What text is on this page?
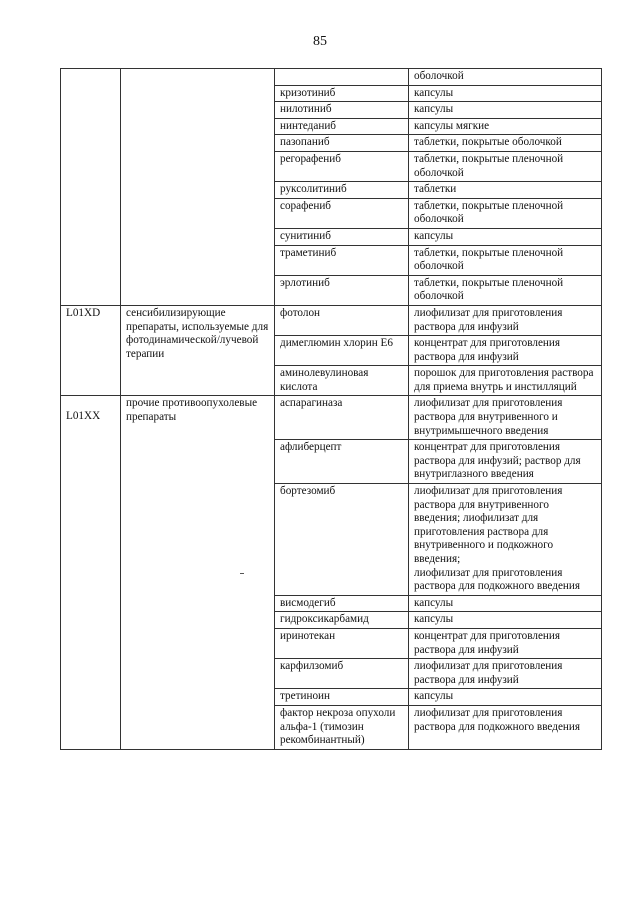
85
			оболочкой
		кризотиниб	капсулы
		нилотиниб	капсулы
		нинтеданиб	капсулы мягкие
		пазопаниб	таблетки, покрытые оболочкой
		регорафениб	таблетки, покрытые пленочной оболочкой
		руксолитиниб	таблетки
		сорафениб	таблетки, покрытые пленочной оболочкой
		сунитиниб	капсулы
		траметиниб	таблетки, покрытые пленочной оболочкой
		эрлотиниб	таблетки, покрытые пленочной оболочкой
L01XD	сенсибилизирующие препараты, используемые для фотодинамической/лучевой терапии	фотолон	лиофилизат для приготовления раствора для инфузий
		димеглюмин хлорин Е6	концентрат для приготовления раствора для инфузий
		аминолевулиновая кислота	порошок для приготовления раствора для приема внутрь и инстилляций

L01XX	прочие противоопухолевые препараты	аспарагиназа	лиофилизат для приготовления раствора для внутривенного и внутримышечного введения
		афлиберцепт	концентрат для приготовления раствора для инфузий; раствор для внутриглазного введения
		бортезомиб	лиофилизат для приготовления раствора для внутривенного введения; лиофилизат для приготовления раствора для внутривенного и подкожного введения;
лиофилизат для приготовления раствора для подкожного введения

		висмодегиб	капсулы
		гидроксикарбамид	капсулы
		иринотекан	концентрат для приготовления раствора для инфузий
		карфилзомиб	лиофилизат для приготовления раствора для инфузий
		третиноин	капсулы
		фактор некроза опухоли альфа-1 (тимозин рекомбинантный)	лиофилизат для приготовления раствора для подкожного введения
